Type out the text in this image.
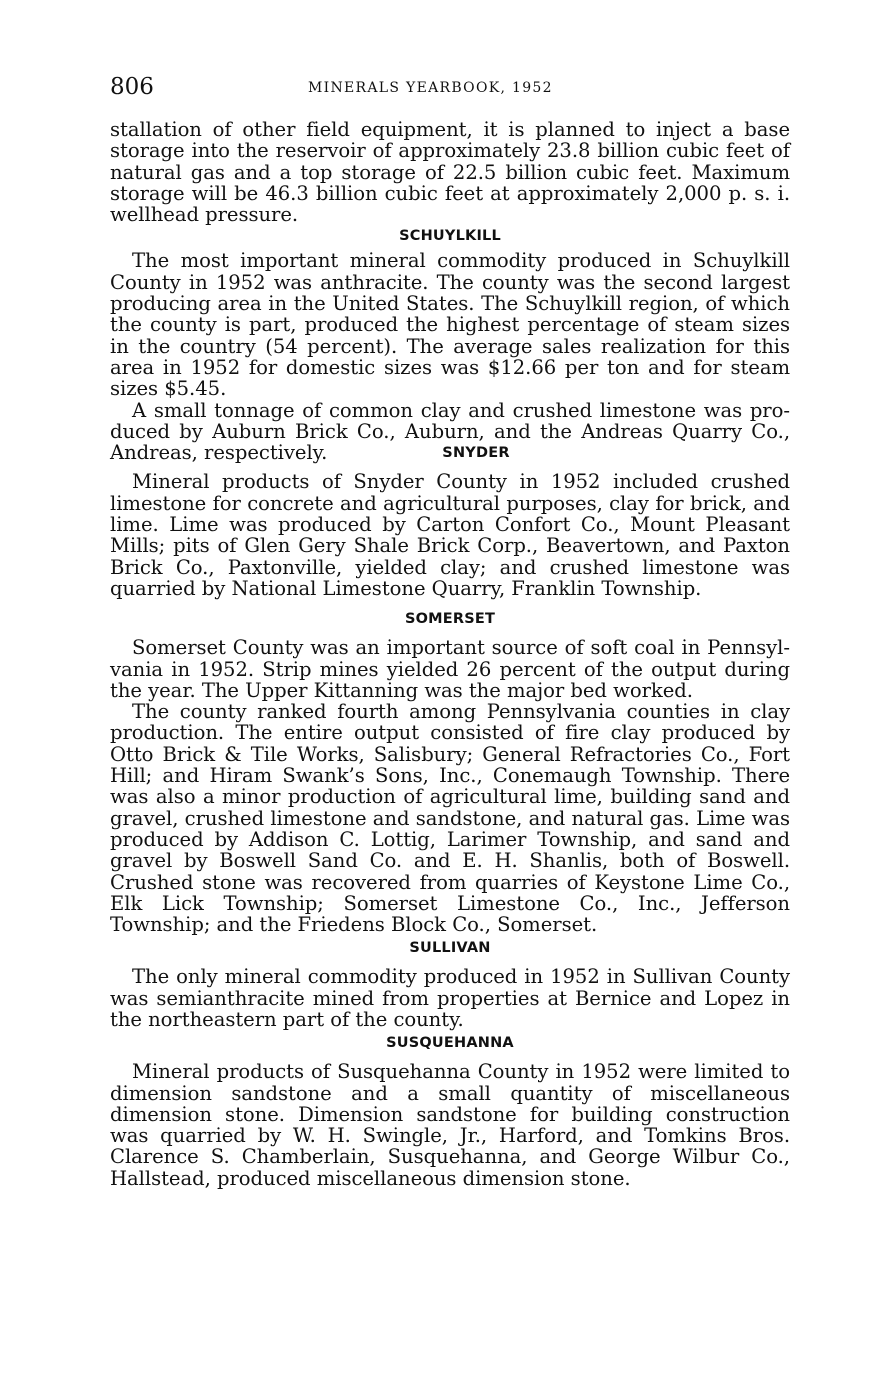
806	MINERALS YEARBOOK, 1952

stallation of other field equipment, it is planned to inject a base storage into the reservoir of approximately 23.8 billion cubic feet of natural gas and a top storage of 22.5 billion cubic feet. Maximum storage will be 46.3 billion cubic feet at approximately 2,000 p. s. i. wellhead pressure.

SCHUYLKILL

The most important mineral commodity produced in Schuylkill County in 1952 was anthracite. The county was the second largest producing area in the United States. The Schuylkill region, of which the county is part, produced the highest percentage of steam sizes in the country (54 percent). The average sales realization for this area in 1952 for domestic sizes was $12.66 per ton and for steam sizes $5.45.

A small tonnage of common clay and crushed limestone was produced by Auburn Brick Co., Auburn, and the Andreas Quarry Co., Andreas, respectively.	SNYDER

Mineral products of Snyder County in 1952 included crushed limestone for concrete and agricultural purposes, clay for brick, and lime. Lime was produced by Carton Confort Co., Mount Pleasant Mills; pits of Glen Gery Shale Brick Corp., Beavertown, and Paxton Brick Co., Paxtonville, yielded clay; and crushed limestone was quarried by National Limestone Quarry, Franklin Township.

SOMERSET

Somerset County was an important source of soft coal in Pennsylvania in 1952. Strip mines yielded 26 percent of the output during the year. The Upper Kittanning was the major bed worked.

The county ranked fourth among Pennsylvania counties in clay production. The entire output consisted of fire clay produced by Otto Brick & Tile Works, Salisbury; General Refractories Co., Fort Hill; and Hiram Swank’s Sons, Inc., Conemaugh Township. There was also a minor production of agricultural lime, building sand and gravel, crushed limestone and sandstone, and natural gas. Lime was produced by Addison C. Lottig, Larimer Township, and sand and gravel by Boswell Sand Co. and E. H. Shanlis, both of Boswell. Crushed stone was recovered from quarries of Keystone Lime Co., Elk Lick Township; Somerset Limestone Co., Inc., Jefferson Township; and the Friedens Block Co., Somerset.

SULLIVAN

The only mineral commodity produced in 1952 in Sullivan County was semianthracite mined from properties at Bernice and Lopez in the northeastern part of the county.

SUSQUEHANNA

Mineral products of Susquehanna County in 1952 were limited to dimension sandstone and a small quantity of miscellaneous dimension stone. Dimension sandstone for building construction was quarried by W. H. Swingle, Jr., Harford, and Tomkins Bros. Clarence S. Chamberlain, Susquehanna, and George Wilbur Co., Hallstead, produced miscellaneous dimension stone.
